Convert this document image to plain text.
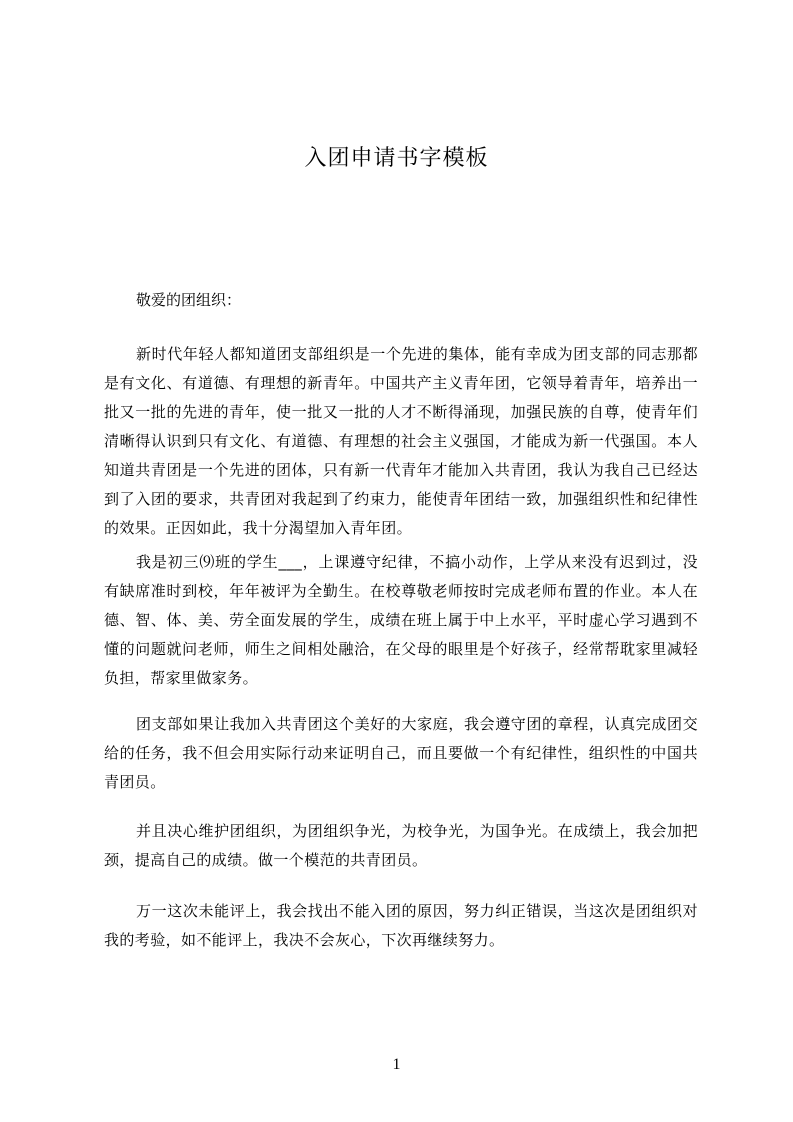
入团申请书字模板
敬爱的团组织：

新时代年轻人都知道团支部组织是一个先进的集体，能有幸成为团支部的同志那都是有文化、有道德、有理想的新青年。中国共产主义青年团，它领导着青年，培养出一批又一批的先进的青年，使一批又一批的人才不断得涌现，加强民族的自尊，使青年们清晰得认识到只有文化、有道德、有理想的社会主义强国，才能成为新一代强国。本人知道共青团是一个先进的团体，只有新一代青年才能加入共青团，我认为我自己已经达到了入团的要求，共青团对我起到了约束力，能使青年团结一致，加强组织性和纪律性的效果。正因如此，我十分渴望加入青年团。

我是初三⑼班的学生___，上课遵守纪律，不搞小动作，上学从来没有迟到过，没有缺席准时到校，年年被评为全勤生。在校尊敬老师按时完成老师布置的作业。本人在德、智、体、美、劳全面发展的学生，成绩在班上属于中上水平，平时虚心学习遇到不懂的问题就问老师，师生之间相处融洽，在父母的眼里是个好孩子，经常帮耽家里减轻负担，帮家里做家务。

团支部如果让我加入共青团这个美好的大家庭，我会遵守团的章程，认真完成团交给的任务，我不但会用实际行动来证明自己，而且要做一个有纪律性，组织性的中国共青团员。

并且决心维护团组织，为团组织争光，为校争光，为国争光。在成绩上，我会加把颈，提高自己的成绩。做一个模范的共青团员。

万一这次未能评上，我会找出不能入团的原因，努力纠正错误，当这次是团组织对我的考验，如不能评上，我决不会灰心，下次再继续努力。

1
